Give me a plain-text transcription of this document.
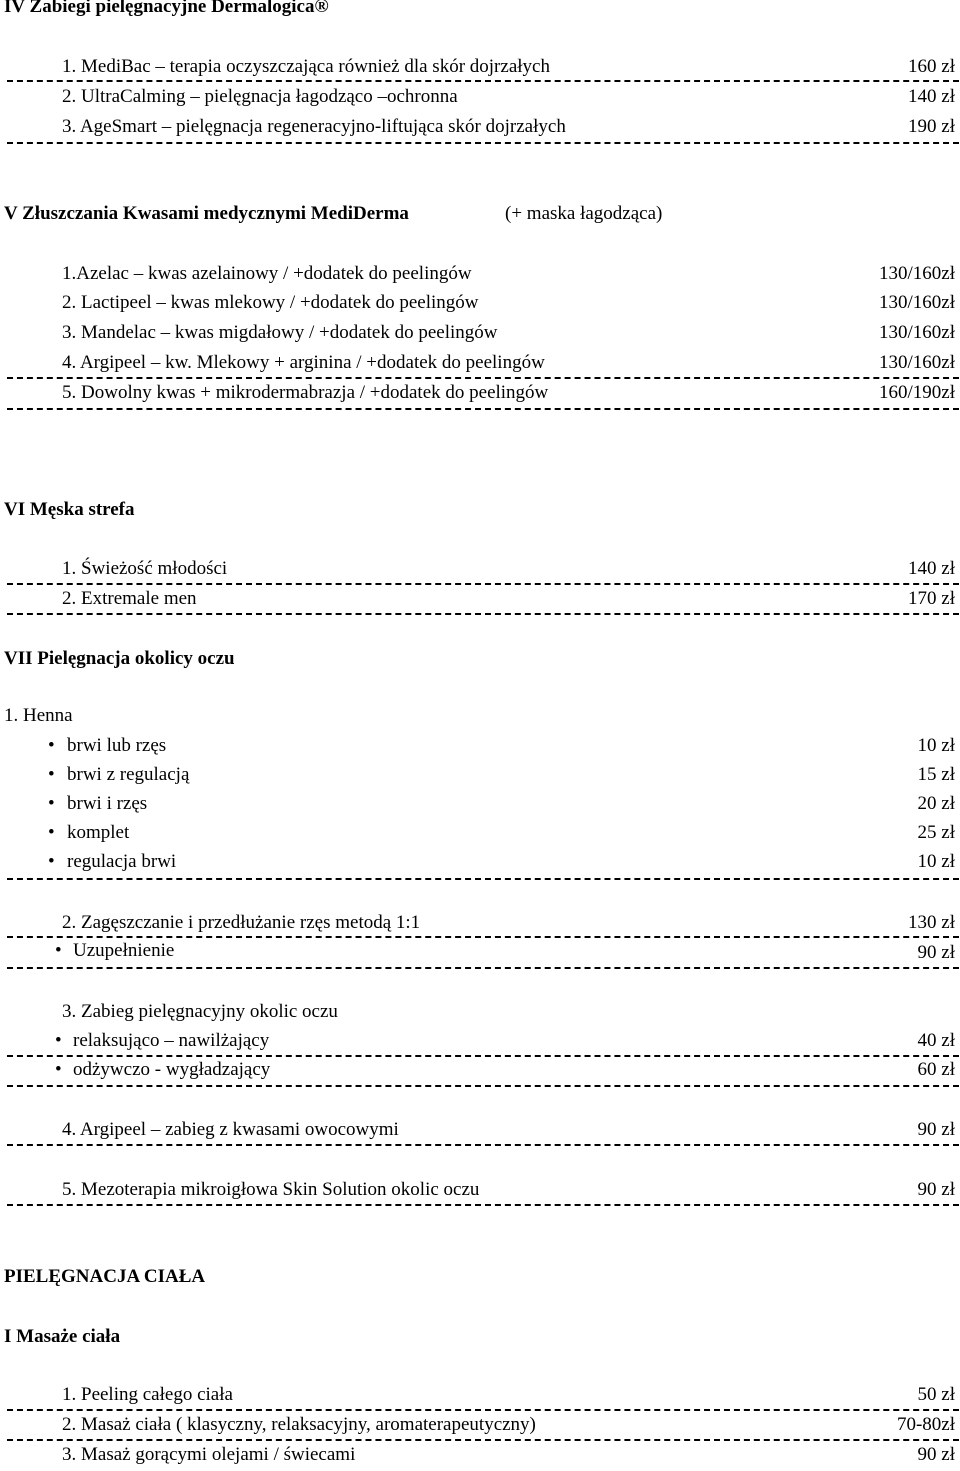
IV Zabiegi pielęgnacyjne Dermalogica®
1. MediBac – terapia oczyszczająca również dla skór dojrzałych	160 zł
2. UltraCalming – pielęgnacja łagodząco –ochronna	140 zł
3. AgeSmart – pielęgnacja regeneracyjno-liftująca skór dojrzałych	190 zł
V Złuszczania Kwasami medycznymi MediDerma	(+ maska łagodząca)
1.Azelac – kwas azelainowy / +dodatek do peelingów	130/160zł
2. Lactipeel – kwas mlekowy / +dodatek do peelingów	130/160zł
3. Mandelac – kwas migdałowy / +dodatek do peelingów	130/160zł
4. Argipeel – kw. Mlekowy + arginina / +dodatek do peelingów	130/160zł
5. Dowolny kwas + mikrodermabrazja / +dodatek do peelingów	160/190zł
VI Męska strefa
1. Świeżość młodości	140 zł
2. Extremale men	170 zł
VII Pielęgnacja okolicy oczu
1. Henna
• brwi lub rzęs	10 zł
• brwi z regulacją	15 zł
• brwi i rzęs	20 zł
• komplet	25 zł
• regulacja brwi	10 zł
2. Zagęszczanie i przedłużanie rzęs metodą 1:1	130 zł
• Uzupełnienie	90 zł
3. Zabieg pielęgnacyjny okolic oczu
• relaksująco – nawilżający	40 zł
• odżywczo - wygładzający	60 zł
4. Argipeel – zabieg z kwasami owocowymi	90 zł
5. Mezoterapia mikroigłowa Skin Solution okolic oczu	90 zł
PIELĘGNACJA CIAŁA
I Masaże ciała
1. Peeling całego ciała	50 zł
2. Masaż ciała ( klasyczny, relaksacyjny, aromaterapeutyczny)	70-80zł
3. Masaż gorącymi olejami / świecami	90 zł
